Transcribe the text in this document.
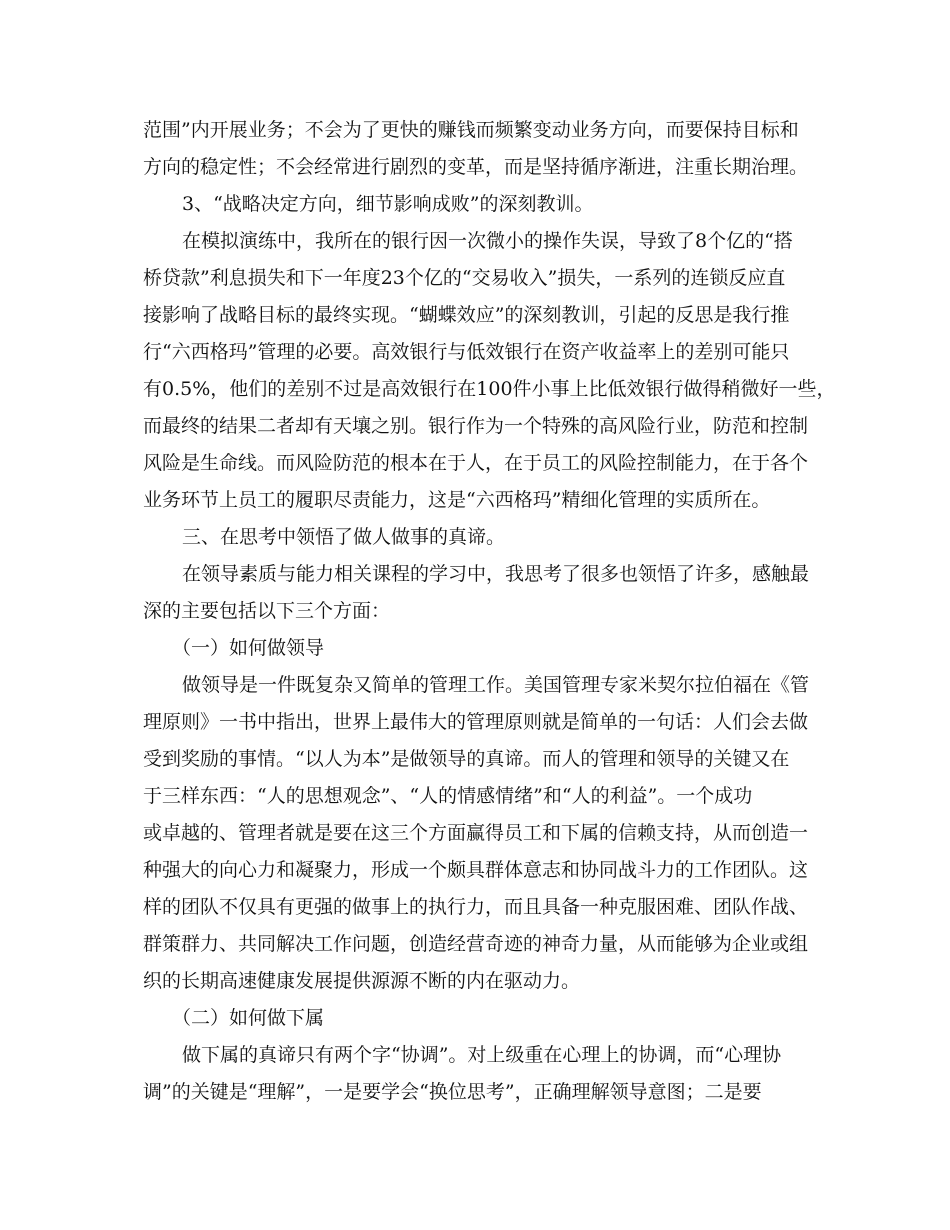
范围”内开展业务；不会为了更快的赚钱而频繁变动业务方向，而要保持目标和
方向的稳定性；不会经常进行剧烈的变革，而是坚持循序渐进，注重长期治理。
3、“战略决定方向，细节影响成败”的深刻教训。
在模拟演练中，我所在的银行因一次微小的操作失误，导致了8个亿的“搭
桥贷款”利息损失和下一年度23个亿的“交易收入”损失，一系列的连锁反应直
接影响了战略目标的最终实现。“蝴蝶效应”的深刻教训，引起的反思是我行推
行“六西格玛”管理的必要。高效银行与低效银行在资产收益率上的差别可能只
有0.5%，他们的差别不过是高效银行在100件小事上比低效银行做得稍微好一些，
而最终的结果二者却有天壤之别。银行作为一个特殊的高风险行业，防范和控制
风险是生命线。而风险防范的根本在于人，在于员工的风险控制能力，在于各个
业务环节上员工的履职尽责能力，这是“六西格玛”精细化管理的实质所在。
三、在思考中领悟了做人做事的真谛。
在领导素质与能力相关课程的学习中，我思考了很多也领悟了许多，感触最
深的主要包括以下三个方面：
（一）如何做领导
做领导是一件既复杂又简单的管理工作。美国管理专家米契尔拉伯福在《管
理原则》一书中指出，世界上最伟大的管理原则就是简单的一句话：人们会去做
受到奖励的事情。“以人为本”是做领导的真谛。而人的管理和领导的关键又在
于三样东西：“人的思想观念”、“人的情感情绪”和“人的利益”。一个成功
或卓越的、管理者就是要在这三个方面赢得员工和下属的信赖支持，从而创造一
种强大的向心力和凝聚力，形成一个颇具群体意志和协同战斗力的工作团队。这
样的团队不仅具有更强的做事上的执行力，而且具备一种克服困难、团队作战、
群策群力、共同解决工作问题，创造经营奇迹的神奇力量，从而能够为企业或组
织的长期高速健康发展提供源源不断的内在驱动力。
（二）如何做下属
做下属的真谛只有两个字“协调”。对上级重在心理上的协调，而“心理协
调”的关键是“理解”，一是要学会“换位思考”，正确理解领导意图；二是要
